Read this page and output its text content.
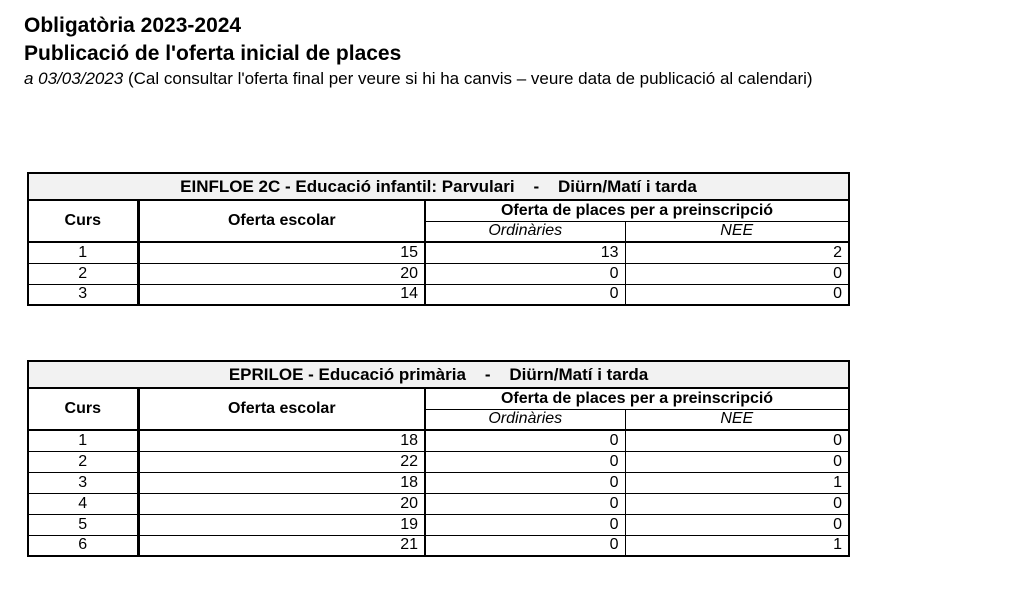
Obligatòria 2023-2024
Publicació de l'oferta inicial de places
a 03/03/2023 (Cal consultar l'oferta final per veure si hi ha canvis – veure data de publicació al calendari)
EINFLOE 2C - Educació infantil: Parvulari    -    Diürn/Matí i tarda			
Curs	Oferta escolar	Oferta de places per a preinscripció	
		Ordinàries	NEE
1	15	13	2
2	20	0	0
3	14	0	0
EPRILOE - Educació primària    -    Diürn/Matí i tarda			
Curs	Oferta escolar	Oferta de places per a preinscripció	
		Ordinàries	NEE
1	18	0	0
2	22	0	0
3	18	0	1
4	20	0	0
5	19	0	0
6	21	0	1
